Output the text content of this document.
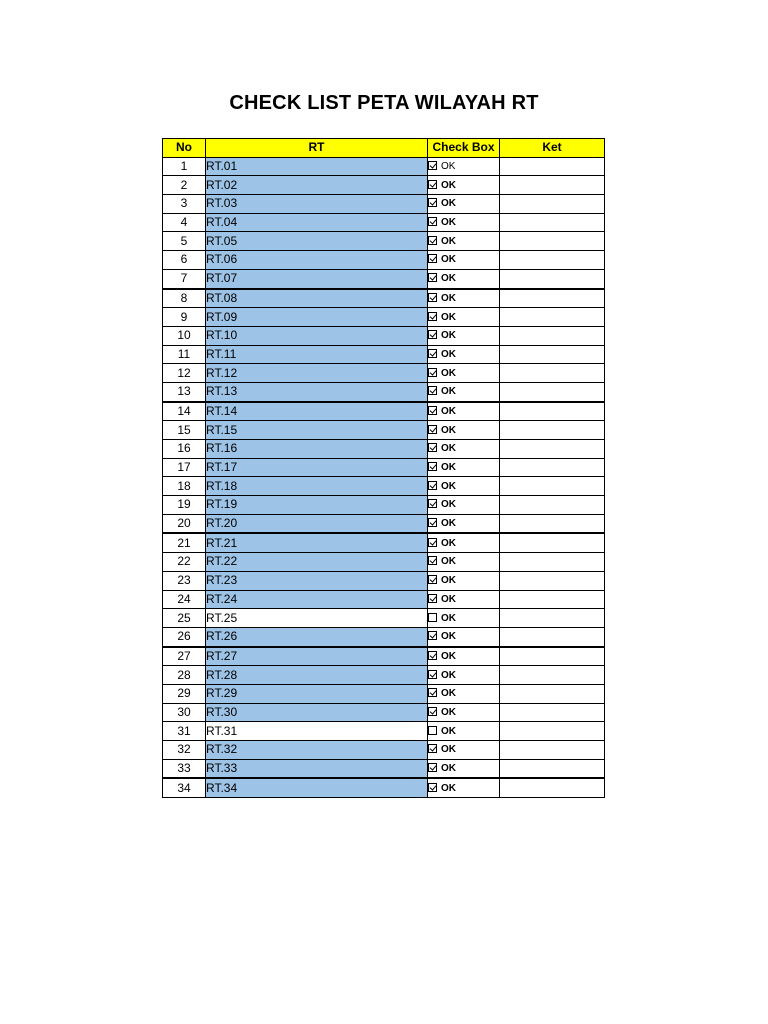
CHECK LIST PETA WILAYAH RT
No	RT	Check Box	Ket
1	RT.01	OK	
2	RT.02	OK	
3	RT.03	OK	
4	RT.04	OK	
5	RT.05	OK	
6	RT.06	OK	
7	RT.07	OK	
8	RT.08	OK	
9	RT.09	OK	
10	RT.10	OK	
11	RT.11	OK	
12	RT.12	OK	
13	RT.13	OK	
14	RT.14	OK	
15	RT.15	OK	
16	RT.16	OK	
17	RT.17	OK	
18	RT.18	OK	
19	RT.19	OK	
20	RT.20	OK	
21	RT.21	OK	
22	RT.22	OK	
23	RT.23	OK	
24	RT.24	OK	
25	RT.25	OK	
26	RT.26	OK	
27	RT.27	OK	
28	RT.28	OK	
29	RT.29	OK	
30	RT.30	OK	
31	RT.31	OK	
32	RT.32	OK	
33	RT.33	OK	
34	RT.34	OK	
